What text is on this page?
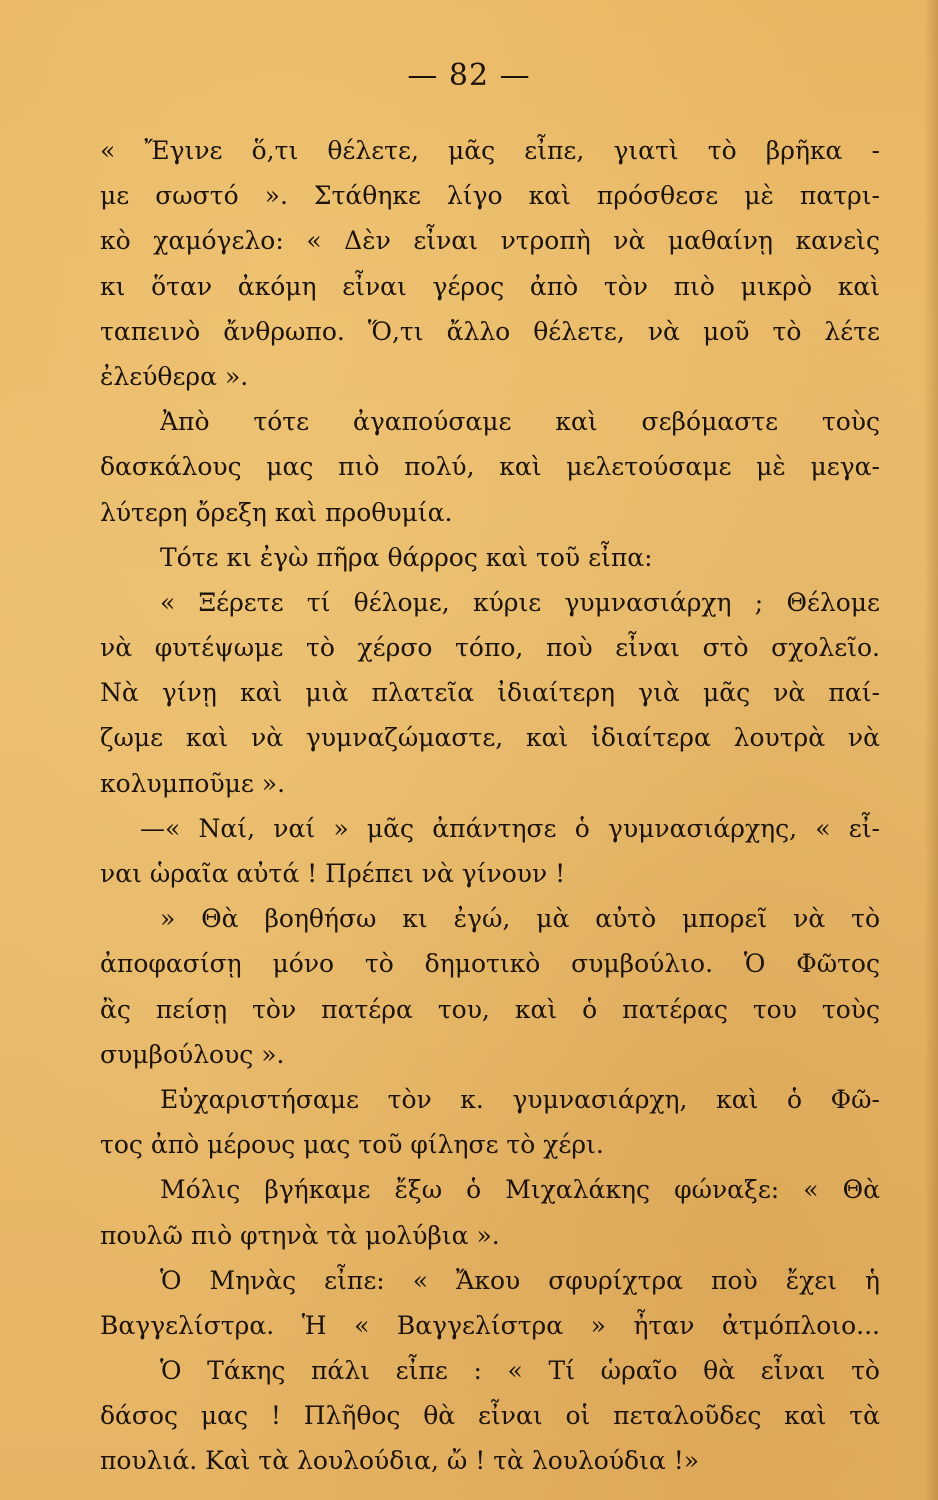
— 82 —
« Ἔγινε ὅ,τι θέλετε, μᾶς εἶπε, γιατὶ τὸ βρῆκα -
με σωστό ». Στάθηκε λίγο καὶ πρόσθεσε μὲ πατρι-
κὸ χαμόγελο: « Δὲν εἶναι ντροπὴ νὰ μαθαίνῃ κανεὶς
κι ὅταν ἀκόμη εἶναι γέρος ἀπὸ τὸν πιὸ μικρὸ καὶ
ταπεινὸ ἄνθρωπο. Ὅ,τι ἄλλο θέλετε, νὰ μοῦ τὸ λέτε
ἐλεύθερα ».
Ἀπὸ τότε ἀγαπούσαμε καὶ σεβόμαστε τοὺς
δασκάλους μας πιὸ πολύ, καὶ μελετούσαμε μὲ μεγα-
λύτερη ὄρεξη καὶ προθυμία.
Τότε κι ἐγὼ πῆρα θάρρος καὶ τοῦ εἶπα:
« Ξέρετε τί θέλομε, κύριε γυμνασιάρχη ; Θέλομε
νὰ φυτέψωμε τὸ χέρσο τόπο, ποὺ εἶναι στὸ σχολεῖο.
Νὰ γίνῃ καὶ μιὰ πλατεῖα ἰδιαίτερη γιὰ μᾶς νὰ παί-
ζωμε καὶ νὰ γυμναζώμαστε, καὶ ἰδιαίτερα λουτρὰ νὰ
κολυμποῦμε ».
—« Ναί, ναί » μᾶς ἀπάντησε ὁ γυμνασιάρχης, « εἶ-
ναι ὡραῖα αὐτά ! Πρέπει νὰ γίνουν !
» Θὰ βοηθήσω κι ἐγώ, μὰ αὐτὸ μπορεῖ νὰ τὸ
ἀποφασίσῃ μόνο τὸ δημοτικὸ συμβούλιο. Ὁ Φῶτος
ἂς πείσῃ τὸν πατέρα του, καὶ ὁ πατέρας του τοὺς
συμβούλους ».
Εὐχαριστήσαμε τὸν κ. γυμνασιάρχη, καὶ ὁ Φῶ-
τος ἀπὸ μέρους μας τοῦ φίλησε τὸ χέρι.
Μόλις βγήκαμε ἔξω ὁ Μιχαλάκης φώναξε: « Θὰ
πουλῶ πιὸ φτηνὰ τὰ μολύβια ».
Ὁ Μηνὰς εἶπε: « Ἄκου σφυρίχτρα ποὺ ἔχει ἡ
Βαγγελίστρα. Ἡ « Βαγγελίστρα » ἦταν ἀτμόπλοιο...
Ὁ Τάκης πάλι εἶπε : « Τί ὡραῖο θὰ εἶναι τὸ
δάσος μας ! Πλῆθος θὰ εἶναι οἱ πεταλοῦδες καὶ τὰ
πουλιά. Καὶ τὰ λουλούδια, ὤ ! τὰ λουλούδια !»
